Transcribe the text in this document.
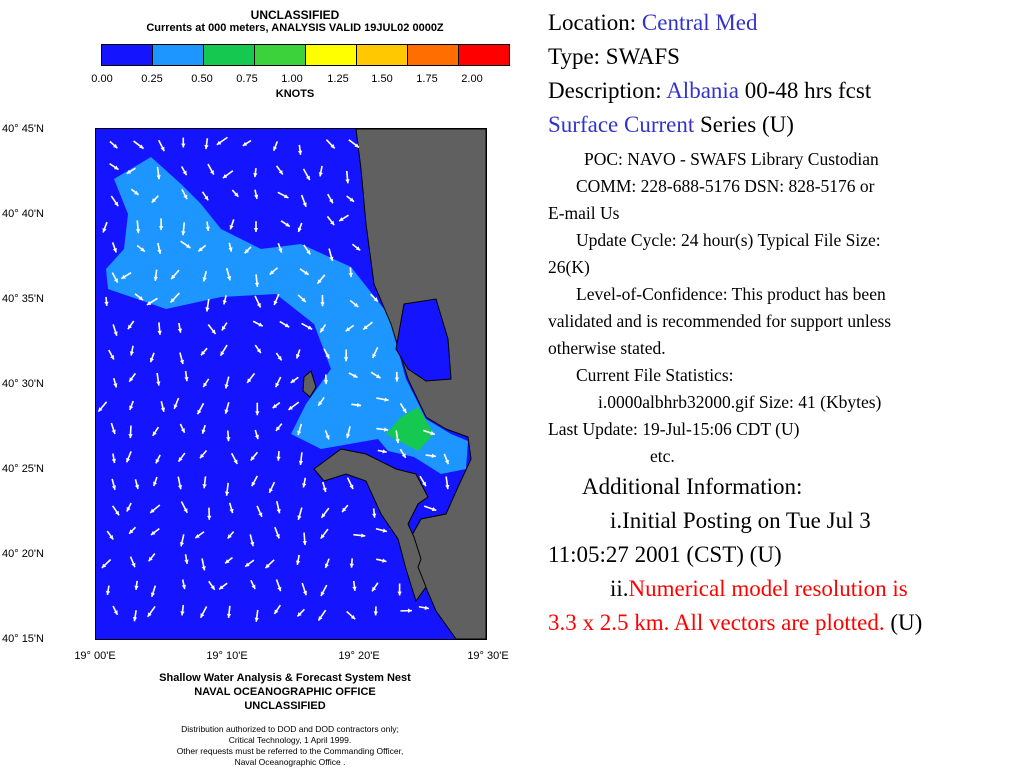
UNCLASSIFIED
Currents at 000 meters, ANALYSIS VALID 19JUL02 0000Z
0.00	0.25	0.50	0.75	1.00	1.25	1.50	1.75	2.00
KNOTS
40° 45'N
40° 40'N
40° 35'N
40° 30'N
40° 25'N
40° 20'N
40° 15'N
19° 00'E	19° 10'E	19° 20'E	19° 30'E
Shallow Water Analysis & Forecast System Nest
NAVAL OCEANOGRAPHIC OFFICE
UNCLASSIFIED
Distribution authorized to DOD and DOD contractors only;
Critical Technology, 1 April 1999.
Other requests must be referred to the Commanding Officer,
Naval Oceanographic Office .

Location: Central Med

Type: SWAFS

Description: Albania 00-48 hrs fcst

Surface Current Series (U)

POC: NAVO - SWAFS Library Custodian

COMM: 228-688-5176 DSN: 828-5176 or

E-mail Us

Update Cycle: 24 hour(s) Typical File Size:

26(K)

Level-of-Confidence: This product has been

validated and is recommended for support unless

otherwise stated.

Current File Statistics:

i.0000albhrb32000.gif Size: 41 (Kbytes)

Last Update: 19-Jul-15:06 CDT (U)

etc.

Additional Information:

i.Initial Posting on Tue Jul 3

11:05:27 2001 (CST) (U)

ii.Numerical model resolution is

3.3 x 2.5 km. All vectors are plotted. (U)
